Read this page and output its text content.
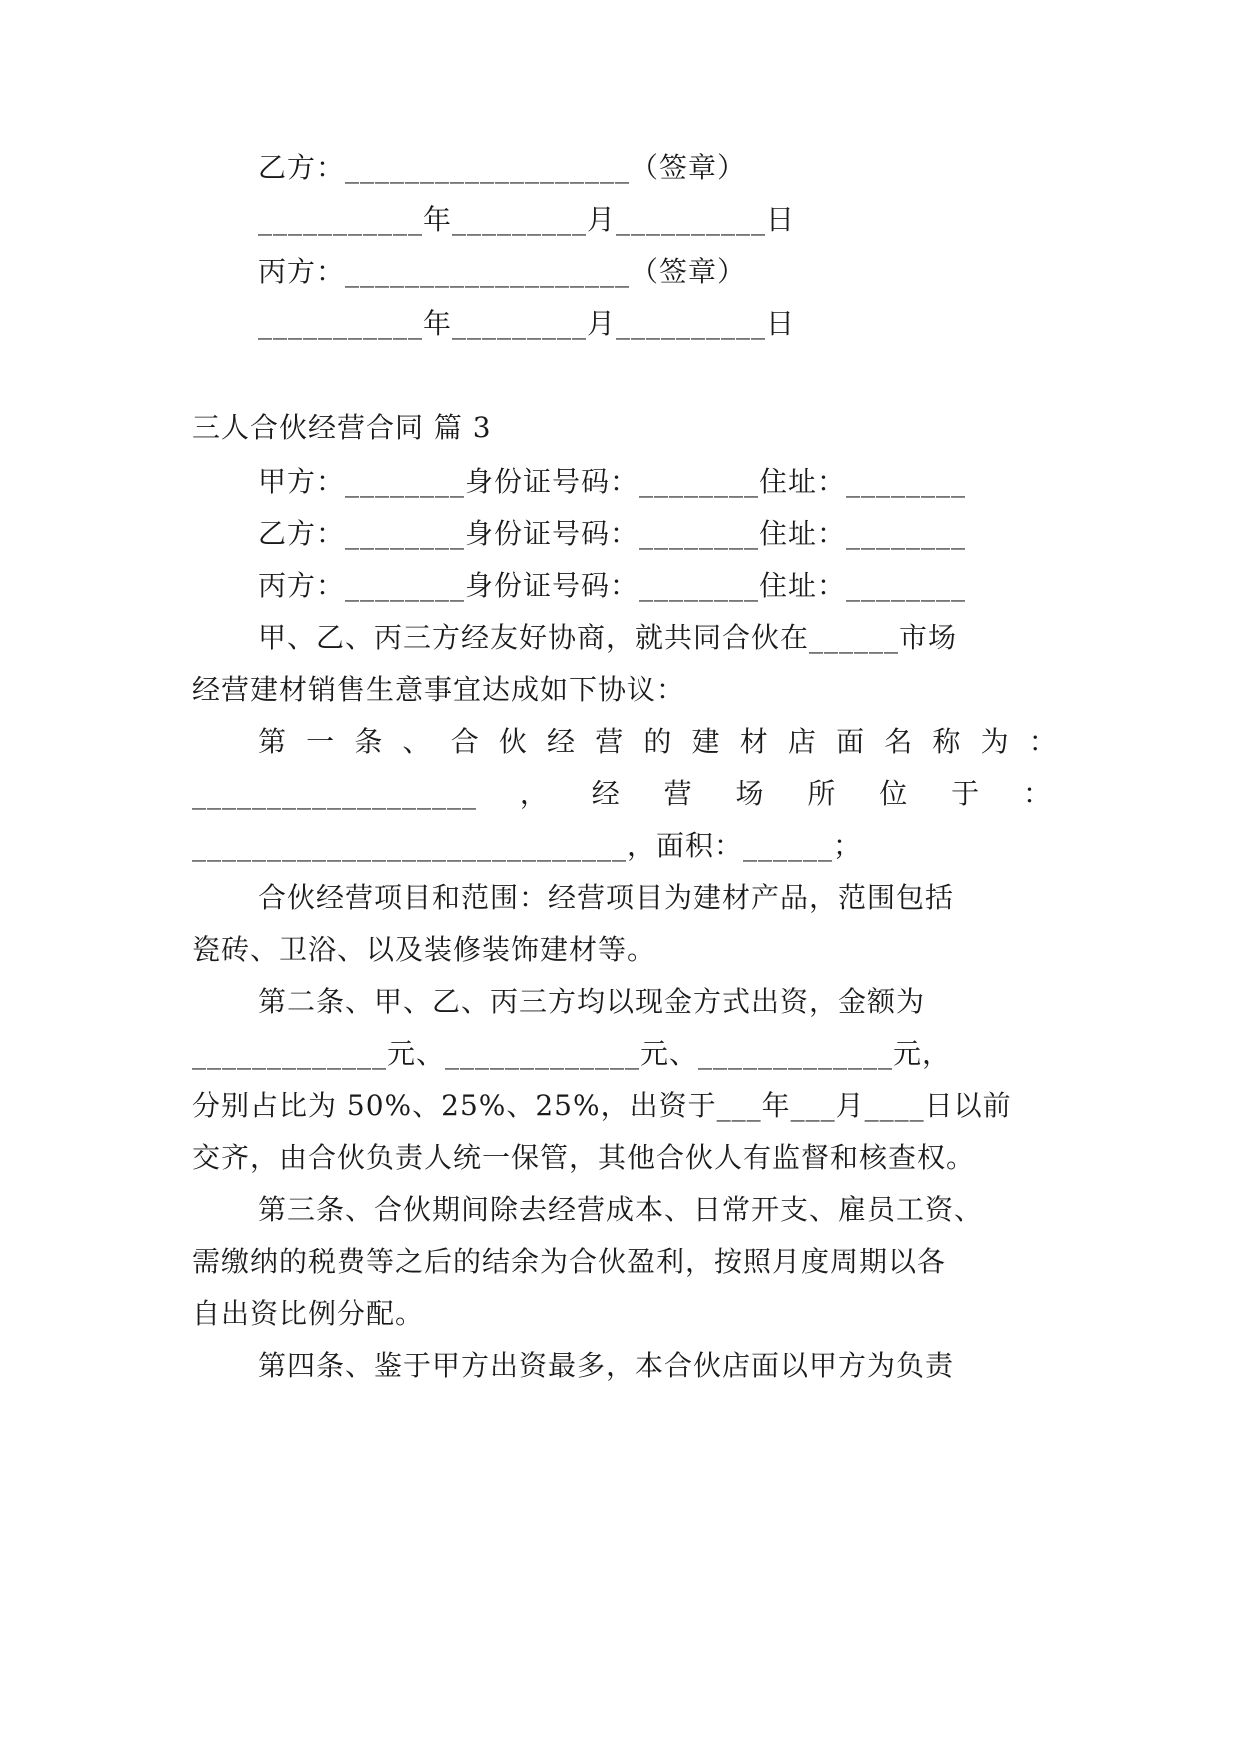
乙方：___________________（签章）
___________年_________月__________日
丙方：___________________（签章）
___________年_________月__________日
三人合伙经营合同 篇 3
甲方：________身份证号码：________住址：________
乙方：________身份证号码：________住址：________
丙方：________身份证号码：________住址：________
甲、乙、丙三方经友好协商，就共同合伙在______市场
经营建材销售生意事宜达成如下协议：
第 一 条 、 合 伙 经 营 的 建 材 店 面 名 称 为 ：
___________________ ， 经 营 场 所 位 于 ：
_____________________________，面积：______；
合伙经营项目和范围：经营项目为建材产品，范围包括
瓷砖、卫浴、以及装修装饰建材等。
第二条、甲、乙、丙三方均以现金方式出资，金额为
_____________元、_____________元、_____________元，
分别占比为 50%、25%、25%，出资于___年___月____日以前
交齐，由合伙负责人统一保管，其他合伙人有监督和核查权。
第三条、合伙期间除去经营成本、日常开支、雇员工资、
需缴纳的税费等之后的结余为合伙盈利，按照月度周期以各
自出资比例分配。
第四条、鉴于甲方出资最多，本合伙店面以甲方为负责
